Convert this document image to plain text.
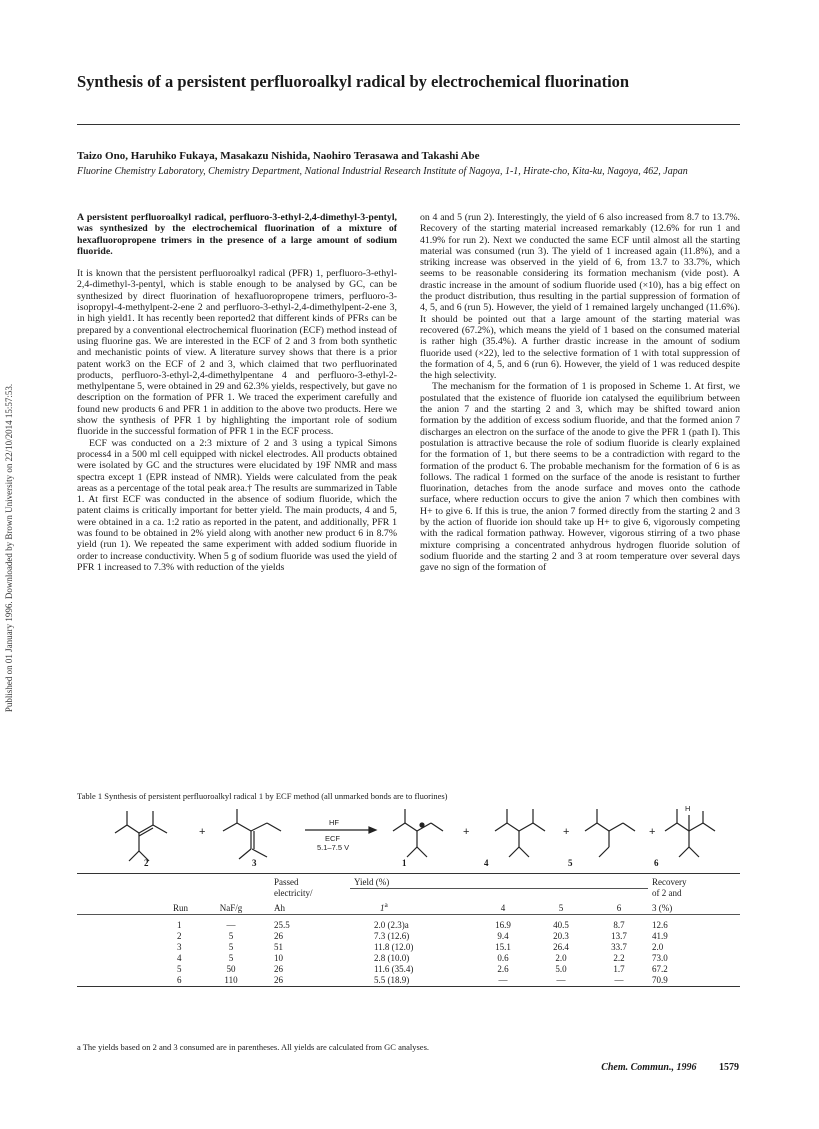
Published on 01 January 1996. Downloaded by Brown University on 22/10/2014 15:57:53.
Synthesis of a persistent perfluoroalkyl radical by electrochemical fluorination
Taizo Ono, Haruhiko Fukaya, Masakazu Nishida, Naohiro Terasawa and Takashi Abe
Fluorine Chemistry Laboratory, Chemistry Department, National Industrial Research Institute of Nagoya, 1-1, Hirate-cho, Kita-ku, Nagoya, 462, Japan

A persistent perfluoroalkyl radical, perfluoro-3-ethyl-2,4-dimethyl-3-pentyl, was synthesized by the electrochemical fluorination of a mixture of hexafluoropropene trimers in the presence of a large amount of sodium fluoride.

It is known that the persistent perfluoroalkyl radical (PFR) 1, perfluoro-3-ethyl-2,4-dimethyl-3-pentyl, which is stable enough to be analysed by GC, can be synthesized by direct fluorination of hexafluoropropene trimers, perfluoro-3-isopropyl-4-methylpent-2-ene 2 and perfluoro-3-ethyl-2,4-dimethylpent-2-ene 3, in high yield1. It has recently been reported2 that different kinds of PFRs can be prepared by a conventional electrochemical fluorination (ECF) method instead of using fluorine gas. We are interested in the ECF of 2 and 3 from both synthetic and mechanistic points of view. A literature survey shows that there is a prior patent work3 on the ECF of 2 and 3, which claimed that two perfluorinated products, perfluoro-3-ethyl-2,4-dimethylpentane 4 and perfluoro-3-ethyl-2-methylpentane 5, were obtained in 29 and 62.3% yields, respectively, but gave no description on the formation of PFR 1. We traced the experiment carefully and found new products 6 and PFR 1 in addition to the above two products. Here we show the synthesis of PFR 1 by highlighting the important role of sodium fluoride in the successful formation of PFR 1 in the ECF process.

ECF was conducted on a 2:3 mixture of 2 and 3 using a typical Simons process4 in a 500 ml cell equipped with nickel electrodes. All products obtained were isolated by GC and the structures were elucidated by 19F NMR and mass spectra except 1 (EPR instead of NMR). Yields were calculated from the peak areas as a percentage of the total peak area.† The results are summarized in Table 1. At first ECF was conducted in the absence of sodium fluoride, which the patent claims is critically important for better yield. The main products, 4 and 5, were obtained in a ca. 1:2 ratio as reported in the patent, and additionally, PFR 1 was found to be obtained in 2% yield along with another new product 6 in 8.7% yield (run 1). We repeated the same experiment with added sodium fluoride in order to increase conductivity. When 5 g of sodium fluoride was used the yield of PFR 1 increased to 7.3% with reduction of the yields

on 4 and 5 (run 2). Interestingly, the yield of 6 also increased from 8.7 to 13.7%. Recovery of the starting material increased remarkably (12.6% for run 1 and 41.9% for run 2). Next we conducted the same ECF until almost all the starting material was consumed (run 3). The yield of 1 increased again (11.8%), and a striking increase was observed in the yield of 6, from 13.7 to 33.7%, which seems to be reasonable considering its formation mechanism (vide post). A drastic increase in the amount of sodium fluoride used (×10), has a big effect on the product distribution, thus resulting in the partial suppression of formation of 4, 5, and 6 (run 5). However, the yield of 1 remained largely unchanged (11.6%). It should be pointed out that a large amount of the starting material was recovered (67.2%), which means the yield of 1 based on the consumed material is rather high (35.4%). A further drastic increase in the amount of sodium fluoride used (×22), led to the selective formation of 1 with total suppression of the formation of 4, 5, and 6 (run 6). However, the yield of 1 was reduced despite the high selectivity.

The mechanism for the formation of 1 is proposed in Scheme 1. At first, we postulated that the existence of fluoride ion catalysed the equilibrium between the anion 7 and the starting 2 and 3, which may be shifted toward anion formation by the addition of excess sodium fluoride, and that the formed anion 7 discharges an electron on the surface of the anode to give the PFR 1 (path I). This postulation is attractive because the role of sodium fluoride is clearly explained for the formation of 1, but there seems to be a contradiction with regard to the formation of the product 6. The probable mechanism for the formation of 6 is as follows. The radical 1 formed on the surface of the anode is resistant to further fluorination, detaches from the anode surface and moves onto the cathode surface, where reduction occurs to give the anion 7 which then combines with H+ to give 6. If this is true, the anion 7 formed directly from the starting 2 and 3 by the action of fluoride ion should take up H+ to give 6, vigorously competing with the radical formation pathway. However, vigorous stirring of a two phase mixture comprising a concentrated anhydrous hydrogen fluoride solution of sodium fluoride and the starting 2 and 3 at room temperature over several days gave no sign of the formation of

Table 1 Synthesis of persistent perfluoroalkyl radical 1 by ECF method (all unmarked bonds are to fluorines)
+	+	+	+
HF
ECF
5.1–7.5 V
H
2	3	1	4	5	6
		Passed	Yield (%)				Recovery
		electricity/					of 2 and
Run	NaF/g	Ah	1$^a$	4	5	6	3 (%)

1	—	25.5	2.0 (2.3)a	16.9	40.5	8.7	12.6
2	5	26	7.3 (12.6)	9.4	20.3	13.7	41.9
3	5	51	11.8 (12.0)	15.1	26.4	33.7	2.0
4	5	10	2.8 (10.0)	0.6	2.0	2.2	73.0
5	50	26	11.6 (35.4)	2.6	5.0	1.7	67.2
6	110	26	5.5 (18.9)	—	—	—	70.9
a The yields based on 2 and 3 consumed are in parentheses. All yields are calculated from GC analyses.
Chem. Commun., 1996 1579
